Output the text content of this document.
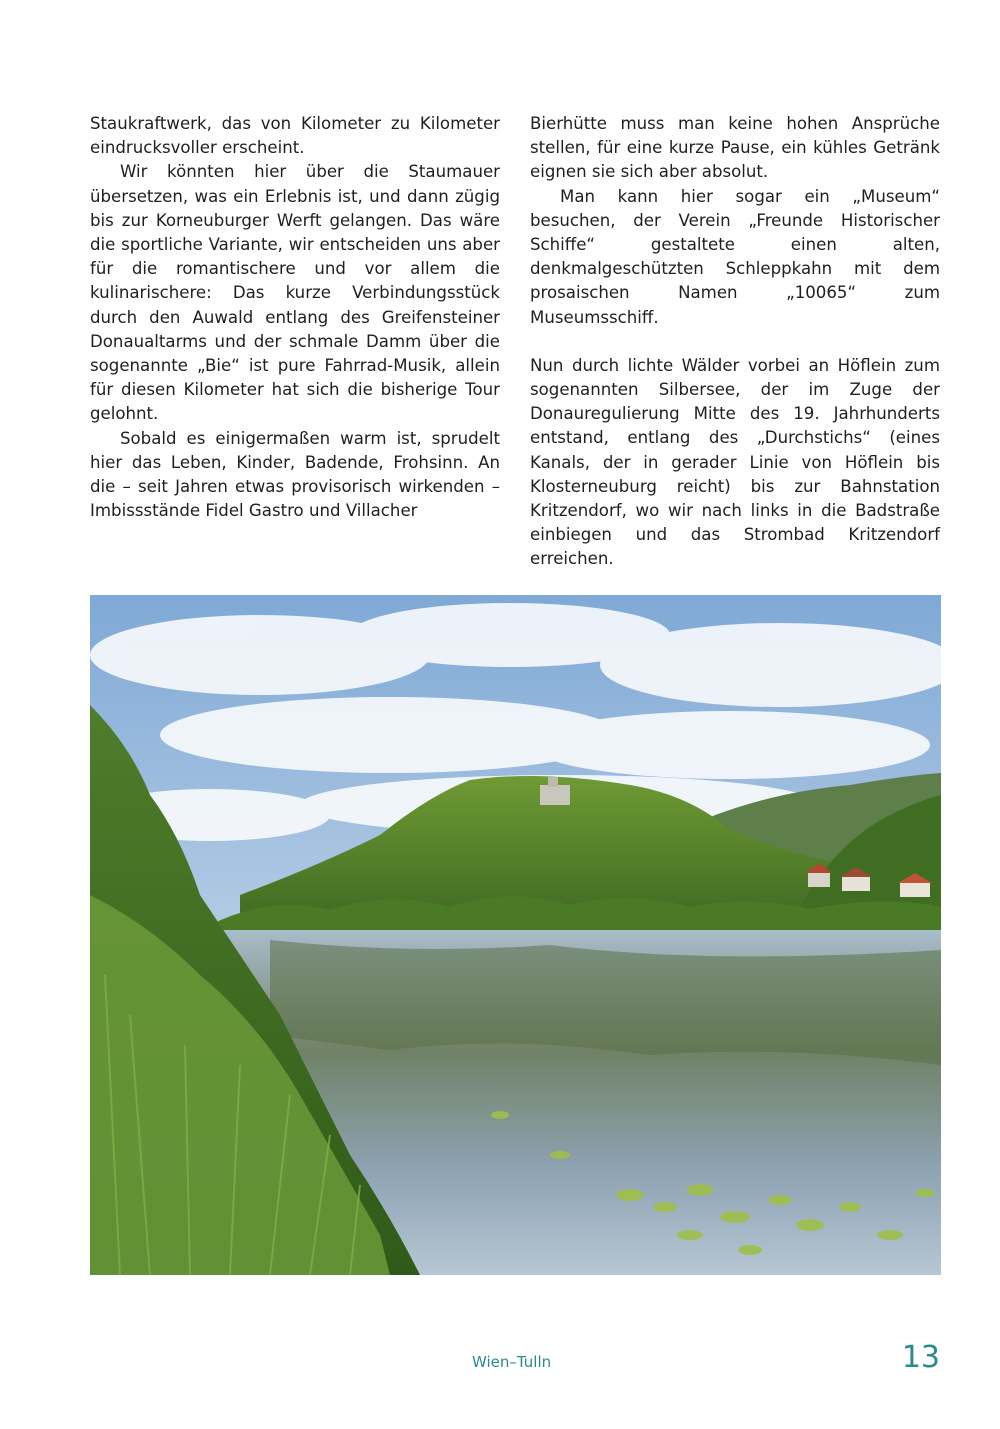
Staukraftwerk, das von Kilometer zu Kilometer eindrucksvoller erscheint.

Wir könnten hier über die Staumauer übersetzen, was ein Erlebnis ist, und dann zügig bis zur Korneuburger Werft gelangen. Das wäre die sportliche Variante, wir entscheiden uns aber für die romantischere und vor allem die kulinarischere: Das kurze Verbindungsstück durch den Auwald entlang des Greifensteiner Donaualtarms und der schmale Damm über die sogenannte „Bie“ ist pure Fahrrad-Musik, allein für diesen Kilometer hat sich die bisherige Tour gelohnt.

Sobald es einigermaßen warm ist, sprudelt hier das Leben, Kinder, Badende, Frohsinn. An die – seit Jahren etwas provisorisch wirkenden – Imbissstände Fidel Gastro und Villacher

Bierhütte muss man keine hohen Ansprüche stellen, für eine kurze Pause, ein kühles Getränk eignen sie sich aber absolut.

Man kann hier sogar ein „Museum“ besuchen, der Verein „Freunde Historischer Schiffe“ gestaltete einen alten, denkmalgeschützten Schleppkahn mit dem prosaischen Namen „10065“ zum Museumsschiff.

Nun durch lichte Wälder vorbei an Höflein zum sogenannten Silbersee, der im Zuge der Donauregulierung Mitte des 19. Jahrhunderts entstand, entlang des „Durchstichs“ (eines Kanals, der in gerader Linie von Höflein bis Klosterneuburg reicht) bis zur Bahnstation Kritzendorf, wo wir nach links in die Badstraße einbiegen und das Strombad Kritzendorf erreichen.

Wien–Tulln	13
